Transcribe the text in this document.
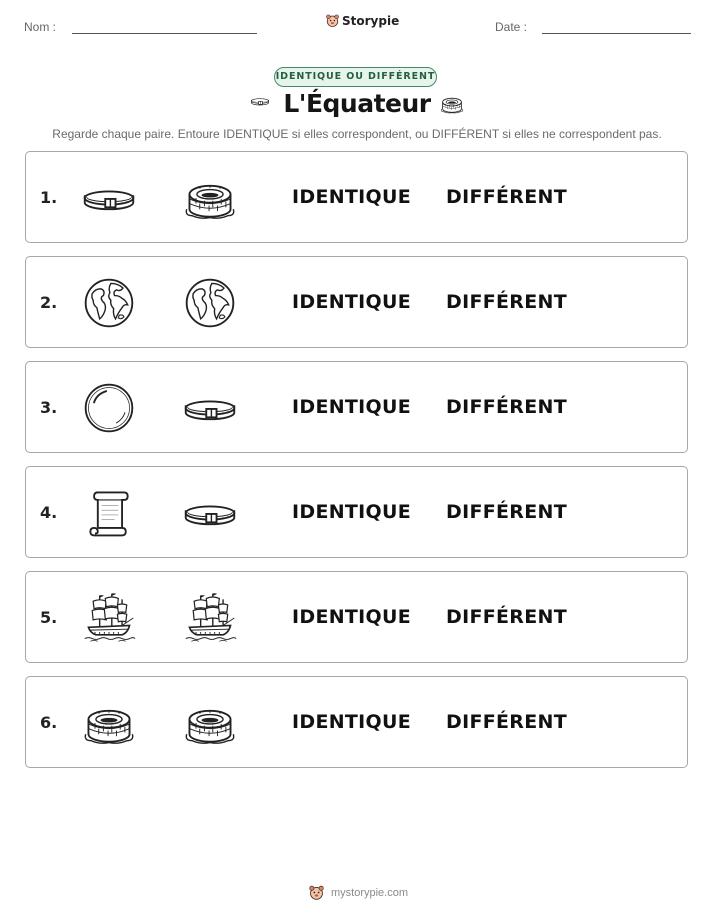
Nom :	Storypie	Date :
IDENTIQUE OU DIFFÉRENT
L'Équateur
Regarde chaque paire. Entoure IDENTIQUE si elles correspondent, ou DIFFÉRENT si elles ne correspondent pas.
1.	IDENTIQUE DIFFÉRENT
2.	IDENTIQUE DIFFÉRENT
3.	IDENTIQUE DIFFÉRENT
4.	IDENTIQUE DIFFÉRENT
5.	IDENTIQUE DIFFÉRENT
6.	IDENTIQUE DIFFÉRENT
mystorypie.com
